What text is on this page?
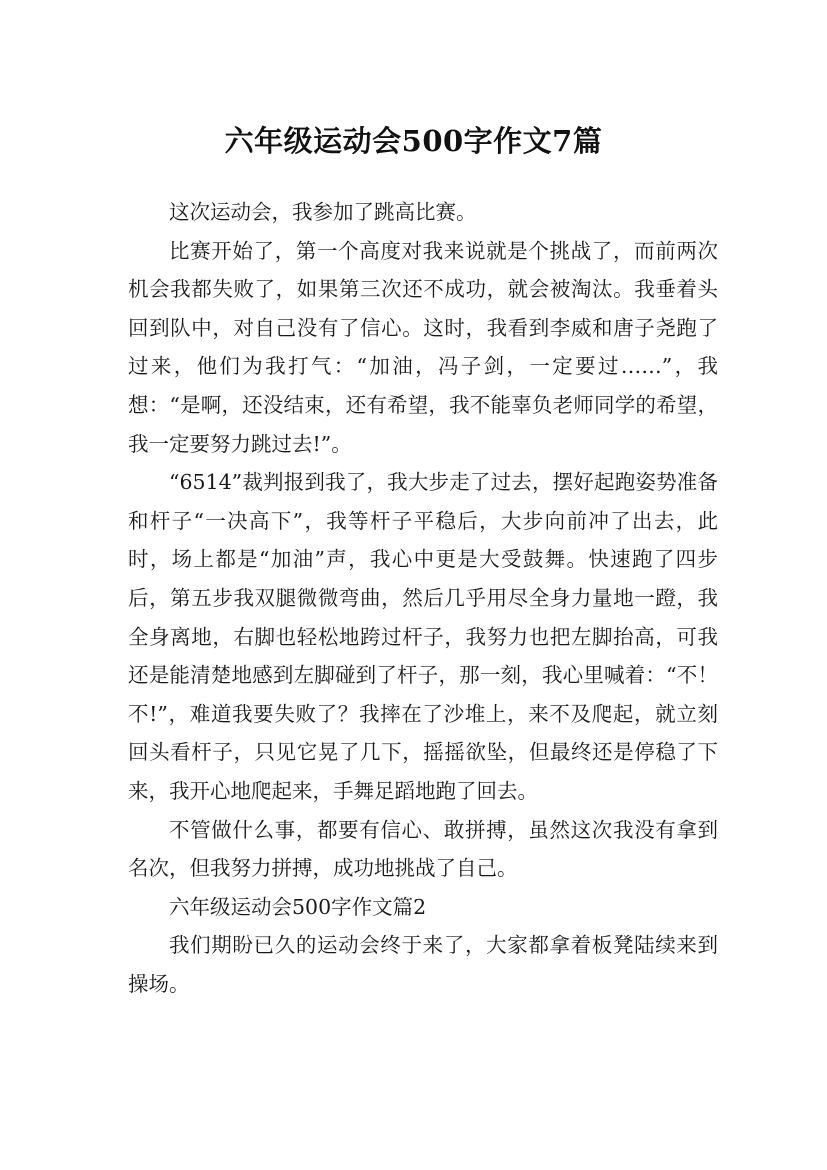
六年级运动会500字作文7篇

这次运动会，我参加了跳高比赛。

比赛开始了，第一个高度对我来说就是个挑战了，而前两次机会我都失败了，如果第三次还不成功，就会被淘汰。我垂着头回到队中，对自己没有了信心。这时，我看到李威和唐子尧跑了过来，他们为我打气：“加油，冯子剑，一定要过……”，我想：“是啊，还没结束，还有希望，我不能辜负老师同学的希望，我一定要努力跳过去!”。

“6514”裁判报到我了，我大步走了过去，摆好起跑姿势准备和杆子“一决高下”，我等杆子平稳后，大步向前冲了出去，此时，场上都是“加油”声，我心中更是大受鼓舞。快速跑了四步后，第五步我双腿微微弯曲，然后几乎用尽全身力量地一蹬，我全身离地，右脚也轻松地跨过杆子，我努力也把左脚抬高，可我还是能清楚地感到左脚碰到了杆子，那一刻，我心里喊着：“不！不!”，难道我要失败了？我摔在了沙堆上，来不及爬起，就立刻回头看杆子，只见它晃了几下，摇摇欲坠，但最终还是停稳了下来，我开心地爬起来，手舞足蹈地跑了回去。

不管做什么事，都要有信心、敢拼搏，虽然这次我没有拿到名次，但我努力拼搏，成功地挑战了自己。

六年级运动会500字作文篇2

我们期盼已久的运动会终于来了，大家都拿着板凳陆续来到操场。
